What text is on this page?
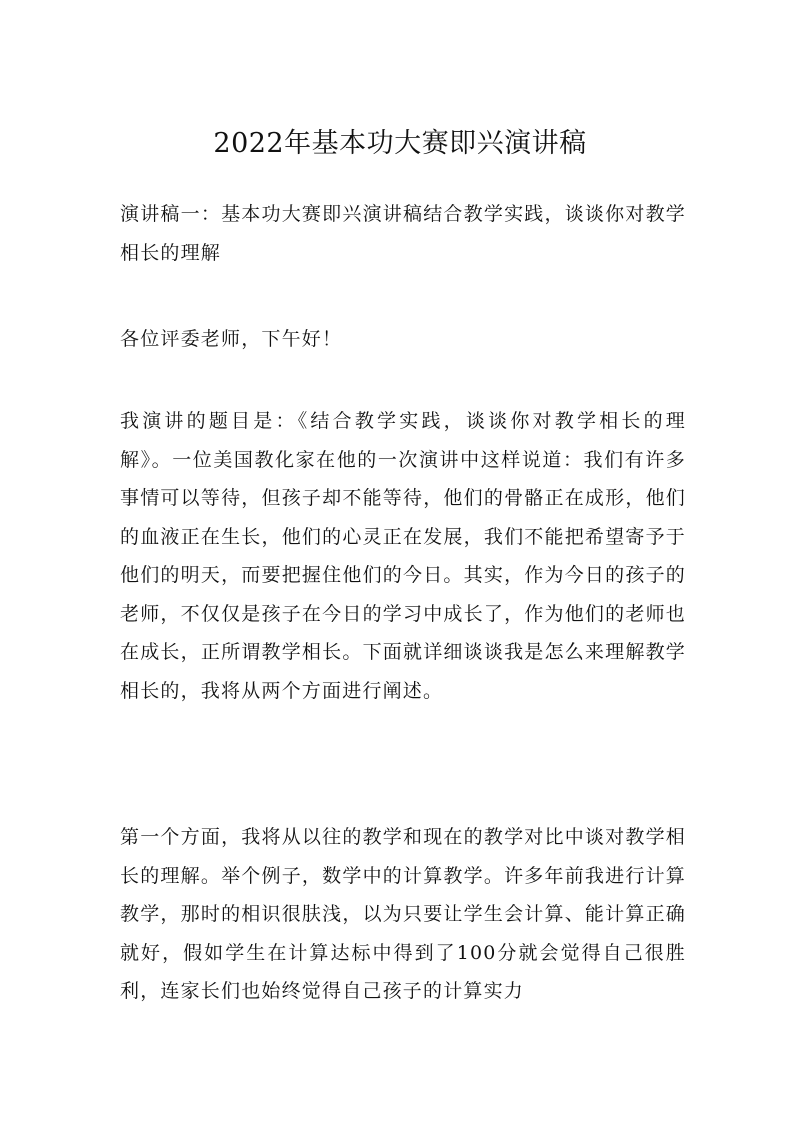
2022年基本功大赛即兴演讲稿
演讲稿一：基本功大赛即兴演讲稿结合教学实践，谈谈你对教学相长的理解
各位评委老师，下午好！
我演讲的题目是：《结合教学实践，谈谈你对教学相长的理解》。一位美国教化家在他的一次演讲中这样说道：我们有许多事情可以等待，但孩子却不能等待，他们的骨骼正在成形，他们的血液正在生长，他们的心灵正在发展，我们不能把希望寄予于他们的明天，而要把握住他们的今日。其实，作为今日的孩子的老师，不仅仅是孩子在今日的学习中成长了，作为他们的老师也在成长，正所谓教学相长。下面就详细谈谈我是怎么来理解教学相长的，我将从两个方面进行阐述。
第一个方面，我将从以往的教学和现在的教学对比中谈对教学相长的理解。举个例子，数学中的计算教学。许多年前我进行计算教学，那时的相识很肤浅，以为只要让学生会计算、能计算正确就好，假如学生在计算达标中得到了100分就会觉得自己很胜利，连家长们也始终觉得自己孩子的计算实力
